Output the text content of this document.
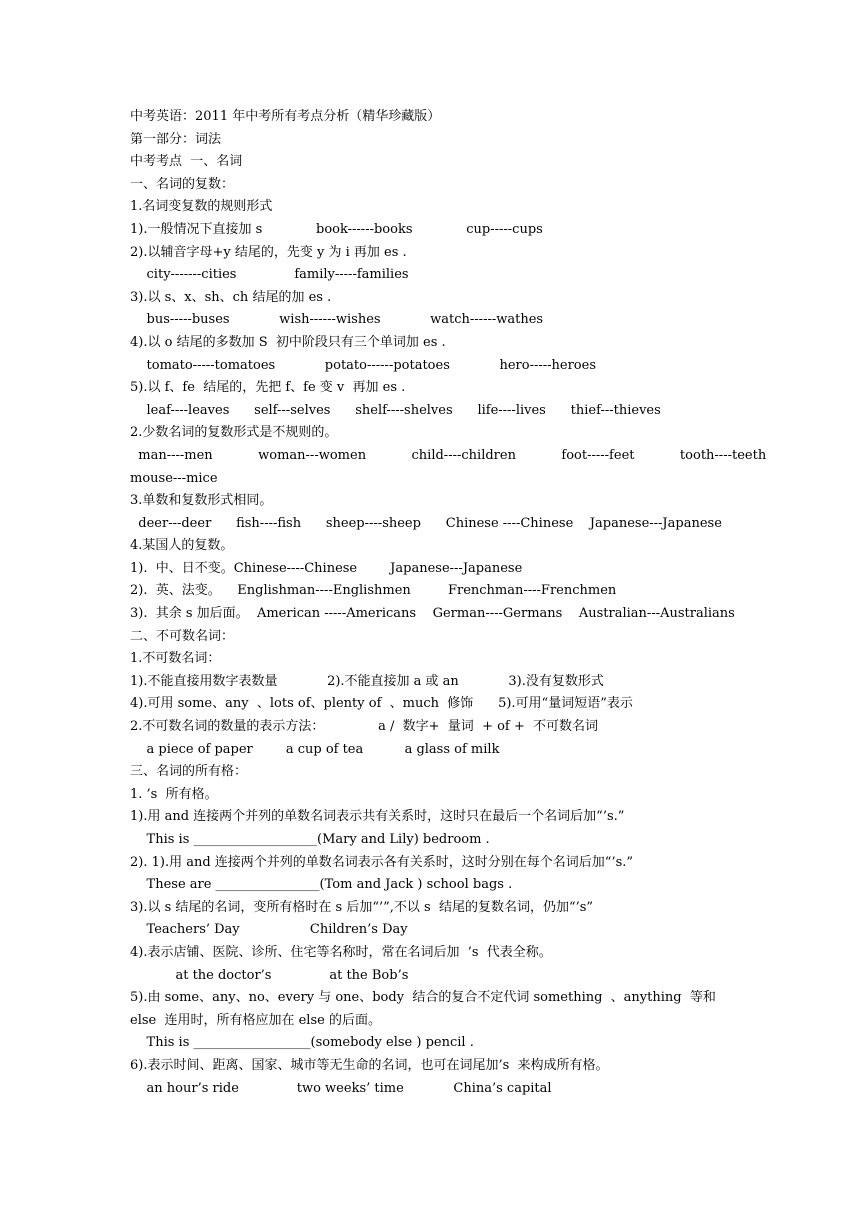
中考英语：2011 年中考所有考点分析（精华珍藏版）
第一部分：词法
中考考点  一、名词
一、名词的复数：
1.名词变复数的规则形式
1).一般情况下直接加 s             book------books             cup-----cups
2).以辅音字母+y 结尾的，先变 y 为 i 再加 es .
city-------cities              family-----families
3).以 s、x、sh、ch 结尾的加 es .
bus-----buses            wish------wishes            watch------wathes
4).以 o 结尾的多数加 S  初中阶段只有三个单词加 es .
tomato-----tomatoes            potato------potatoes            hero-----heroes
5).以 f、fe  结尾的，先把 f、fe 变 v  再加 es .
leaf----leaves      self---selves      shelf----shelves      life----lives      thief---thieves
2.少数名词的复数形式是不规则的。
man----men           woman---women           child----children           foot-----feet           tooth----teeth
mouse---mice
3.单数和复数形式相同。
deer---deer      fish----fish      sheep----sheep      Chinese ----Chinese    Japanese---Japanese
4.某国人的复数。
1).  中、日不变。Chinese----Chinese        Japanese---Japanese
2).  英、法变。    Englishman----Englishmen         Frenchman----Frenchmen
3).  其余 s 加后面。  American -----Americans    German----Germans    Australian---Australians
二、不可数名词：
1.不可数名词：
1).不能直接用数字表数量            2).不能直接加 a 或 an            3).没有复数形式
4).可用 some、any  、lots of、plenty of  、much  修饰      5).可用“量词短语”表示
2.不可数名词的数量的表示方法：             a /  数字+  量词  + of +  不可数名词
a piece of paper        a cup of tea          a glass of milk
三、名词的所有格：
1. ’s  所有格。
1).用 and 连接两个并列的单数名词表示共有关系时，这时只在最后一个名词后加“’s.”
This is ___________________(Mary and Lily) bedroom .
2). 1).用 and 连接两个并列的单数名词表示各有关系时，这时分别在每个名词后加“’s.”
These are ________________(Tom and Jack ) school bags .
3).以 s 结尾的名词，变所有格时在 s 后加“’”,不以 s  结尾的复数名词，仍加“’s”
Teachers’ Day                 Children’s Day
4).表示店铺、医院、诊所、住宅等名称时，常在名词后加  ’s  代表全称。
at the doctor’s              at the Bob’s
5).由 some、any、no、every 与 one、body  结合的复合不定代词 something  、anything  等和
else  连用时，所有格应加在 else 的后面。
This is __________________(somebody else ) pencil .
6).表示时间、距离、国家、城市等无生命的名词，也可在词尾加’s  来构成所有格。
an hour’s ride              two weeks’ time            China’s capital
